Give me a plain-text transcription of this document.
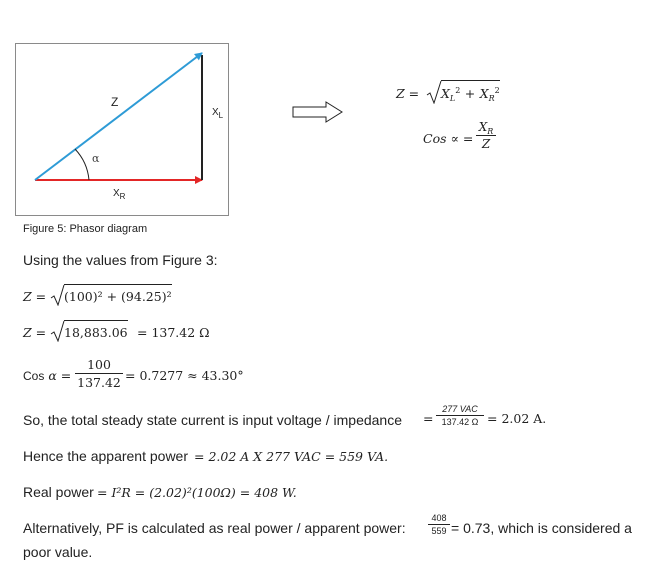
Z
$X_L$
$X_R$
α
$Z = XL^2 + XR^2$
Cos ∝ =
$X_R$
Z
Figure 5: Phasor diagram
Using the values from Figure 3:
Z = (100)² + (94.25)²
Z = 18,883.06 = 137.42 Ω
Cos α =
100
137.42 = 0.7277 ≈ 43.30°
So, the total steady state current is input voltage / impedance =
277 VAC
137.42 Ω = 2.02 A.
Hence the apparent power = 2.02 A X 277 VAC = 559 VA.
Real power = I²R = (2.02)²(100Ω) = 408 W.
Alternatively, PF is calculated as real power / apparent power:
408
559 = 0.73, which is considered a
poor value.
